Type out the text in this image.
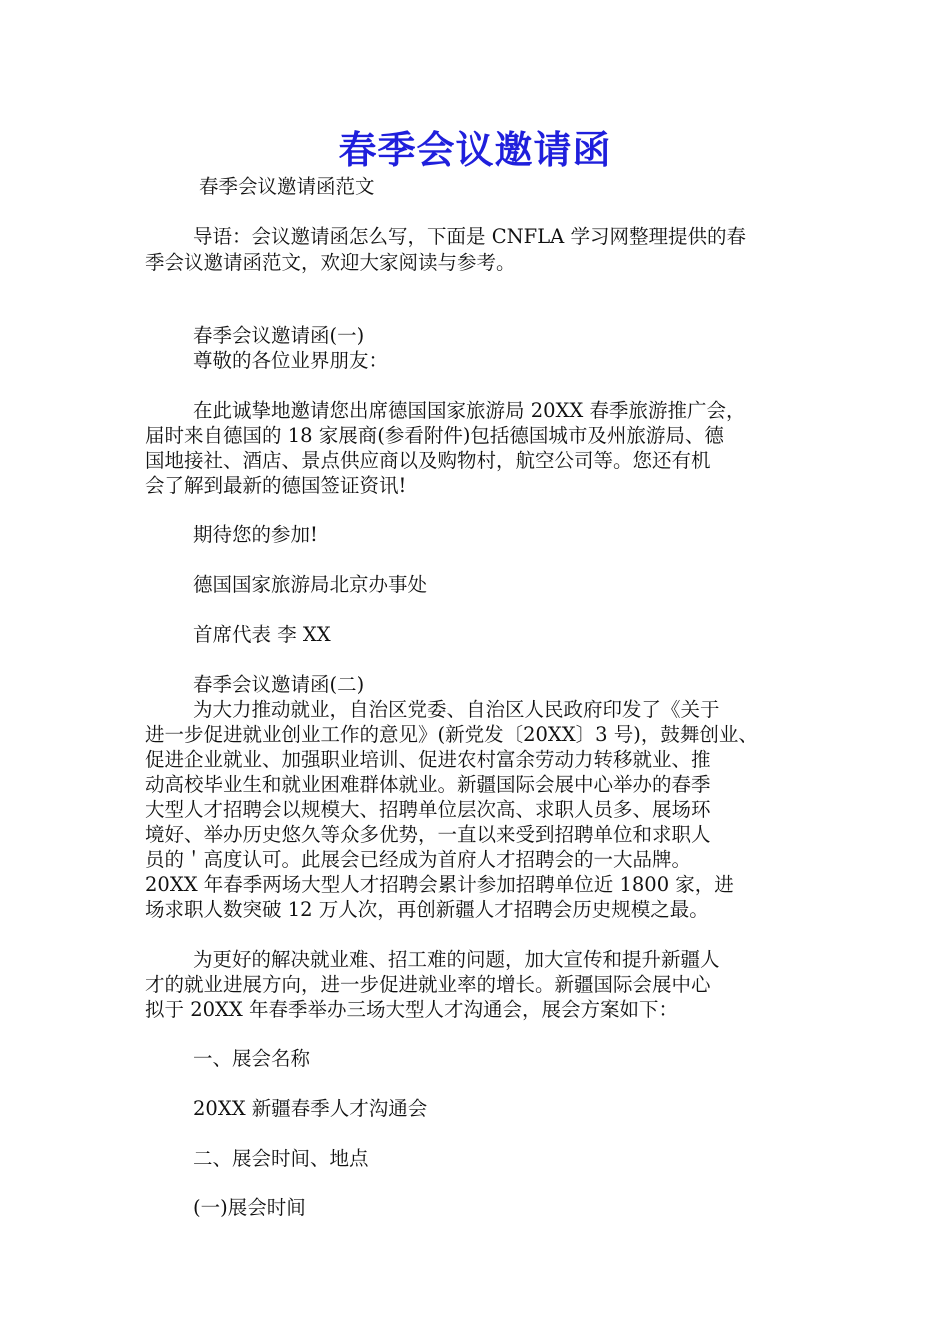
春季会议邀请函
春季会议邀请函范文
导语：会议邀请函怎么写，下面是 CNFLA 学习网整理提供的春
季会议邀请函范文，欢迎大家阅读与参考。
春季会议邀请函(一)
尊敬的各位业界朋友：
在此诚挚地邀请您出席德国国家旅游局 20XX 春季旅游推广会，
届时来自德国的 18 家展商(参看附件)包括德国城市及州旅游局、德
国地接社、酒店、景点供应商以及购物村，航空公司等。您还有机
会了解到最新的德国签证资讯!
期待您的参加!
德国国家旅游局北京办事处
首席代表 李 XX
春季会议邀请函(二)
为大力推动就业，自治区党委、自治区人民政府印发了《关于
进一步促进就业创业工作的意见》(新党发〔20XX〕3 号)，鼓舞创业、
促进企业就业、加强职业培训、促进农村富余劳动力转移就业、推
动高校毕业生和就业困难群体就业。新疆国际会展中心举办的春季
大型人才招聘会以规模大、招聘单位层次高、求职人员多、展场环
境好、举办历史悠久等众多优势，一直以来受到招聘单位和求职人
员的＇高度认可。此展会已经成为首府人才招聘会的一大品牌。
20XX 年春季两场大型人才招聘会累计参加招聘单位近 1800 家，进
场求职人数突破 12 万人次，再创新疆人才招聘会历史规模之最。
为更好的解决就业难、招工难的问题，加大宣传和提升新疆人
才的就业进展方向，进一步促进就业率的增长。新疆国际会展中心
拟于 20XX 年春季举办三场大型人才沟通会，展会方案如下：
一、展会名称
20XX 新疆春季人才沟通会
二、展会时间、地点
(一)展会时间
